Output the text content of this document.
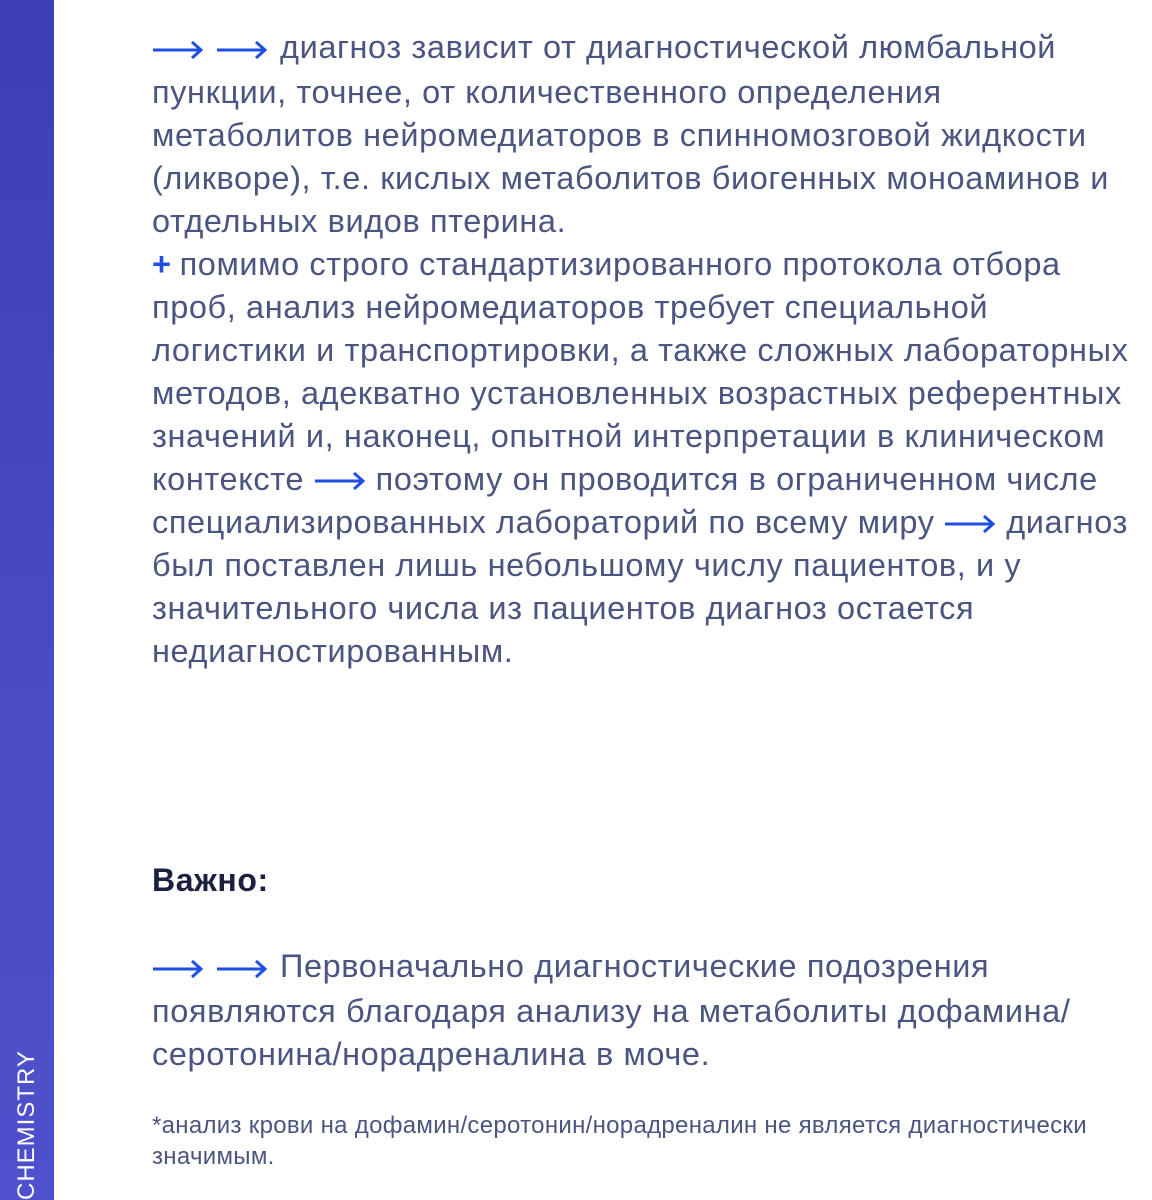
CHEMISTRY

диагноз зависит от диагностической люмбальной пункции, точнее, от количественного определения метаболитов нейромедиаторов в спинномозговой жидкости (ликворе), т.е. кислых метаболитов биогенных моноаминов и отдельных видов птерина.

+ помимо строго стандартизированного протокола отбора проб, анализ нейромедиаторов требует специальной логистики и транспортировки, а также сложных лабораторных методов, адекватно установленных возрастных референтных значений и, наконец, опытной интерпретации в клиническом контексте поэтому он проводится в ограниченном числе специализированных лабораторий по всему миру диагноз был поставлен лишь небольшому числу пациентов, и у значительного числа из пациентов диагноз остается недиагностированным.

Важно:
Первоначально диагностические подозрения появляются благодаря анализу на метаболиты дофамина/серотонина/норадреналина в моче.
*анализ крови на дофамин/серотонин/норадреналин не является диагностически значимым.
